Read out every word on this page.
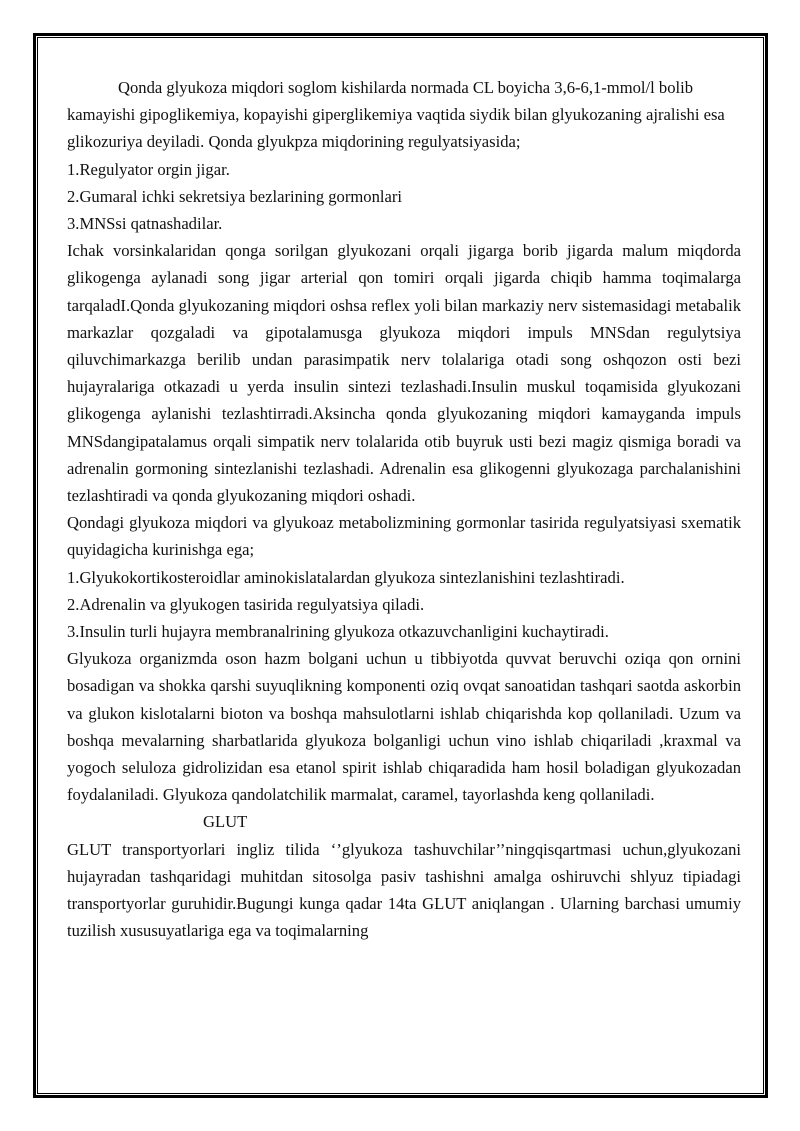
Qonda glyukoza miqdori soglom kishilarda normada CL boyicha 3,6-6,1-mmol/l bolib kamayishi gipoglikemiya, kopayishi giperglikemiya vaqtida siydik bilan glyukozaning ajralishi esa glikozuriya deyiladi. Qonda glyukpza miqdorining regulyatsiyasida;

1.Regulyator orgin jigar.

2.Gumaral ichki sekretsiya bezlarining gormonlari

3.MNSsi qatnashadilar.

Ichak vorsinkalaridan qonga sorilgan glyukozani orqali jigarga borib jigarda malum miqdorda glikogenga aylanadi song jigar arterial qon tomiri orqali jigarda chiqib hamma toqimalarga tarqaladI.Qonda glyukozaning miqdori oshsa reflex yoli bilan markaziy nerv sistemasidagi metabalik markazlar qozgaladi va gipotalamusga glyukoza miqdori impuls MNSdan regulytsiya qiluvchimarkazga berilib undan parasimpatik nerv tolalariga otadi song oshqozon osti bezi hujayralariga otkazadi u yerda insulin sintezi tezlashadi.Insulin muskul toqamisida glyukozani glikogenga aylanishi tezlashtirradi.Aksincha qonda glyukozaning miqdori kamayganda impuls MNSdangipatalamus orqali simpatik nerv tolalarida otib buyruk usti bezi magiz qismiga boradi va adrenalin gormoning sintezlanishi tezlashadi. Adrenalin esa glikogenni glyukozaga parchalanishini tezlashtiradi va qonda glyukozaning miqdori oshadi.

Qondagi glyukoza miqdori va glyukoaz metabolizmining gormonlar tasirida regulyatsiyasi sxematik quyidagicha kurinishga ega;

1.Glyukokortikosteroidlar aminokislatalardan glyukoza sintezlanishini tezlashtiradi.

2.Adrenalin va glyukogen tasirida regulyatsiya qiladi.

3.Insulin turli hujayra membranalrining glyukoza otkazuvchanligini kuchaytiradi.

Glyukoza organizmda oson hazm bolgani uchun u tibbiyotda quvvat beruvchi oziqa qon ornini bosadigan va shokka qarshi suyuqlikning komponenti oziq ovqat sanoatidan tashqari saotda askorbin va glukon kislotalarni bioton va boshqa mahsulotlarni ishlab chiqarishda kop qollaniladi. Uzum va boshqa mevalarning sharbatlarida glyukoza bolganligi uchun vino ishlab chiqariladi ,kraxmal va yogoch seluloza gidrolizidan esa etanol spirit ishlab chiqaradida ham hosil boladigan glyukozadan foydalaniladi. Glyukoza qandolatchilik marmalat, caramel, tayorlashda keng qollaniladi.

GLUT

GLUT transportyorlari ingliz tilida ‘’glyukoza tashuvchilar’’ningqisqartmasi uchun,glyukozani hujayradan tashqaridagi muhitdan sitosolga pasiv tashishni amalga oshiruvchi shlyuz tipiadagi transportyorlar guruhidir.Bugungi kunga qadar 14ta GLUT aniqlangan . Ularning barchasi umumiy tuzilish xususuyatlariga ega va toqimalarning
